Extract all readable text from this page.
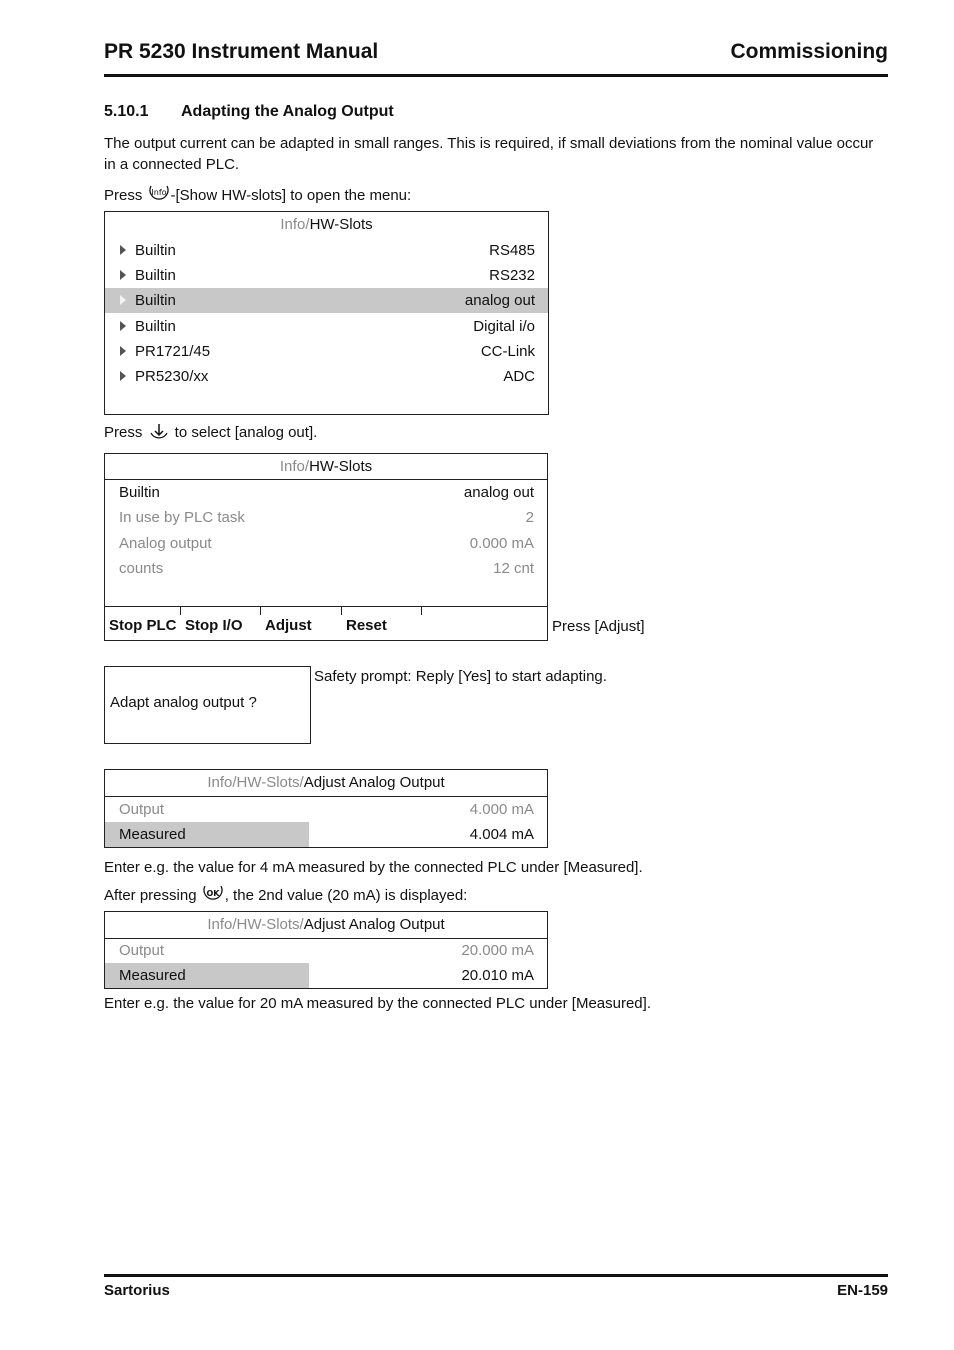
PR 5230 Instrument Manual	Commissioning
5.10.1 Adapting the Analog Output
The output current can be adapted in small ranges. This is required, if small deviations from the nominal value occur in a connected PLC.
Press Info -[Show HW-slots] to open the menu:
Info/HW-Slots
Builtin	RS485
Builtin	RS232
Builtin	analog out
Builtin	Digital i/o
PR1721/45	CC-Link
PR5230/xx	ADC
Press  to select [analog out].
Info/HW-Slots
Builtin	analog out
In use by PLC task	2
Analog output	0.000 mA
counts	12 cnt
Stop PLC Stop I/O Adjust Reset	Press [Adjust]
Adapt analog output ?
Safety prompt: Reply [Yes] to start adapting.
Info/HW-Slots/Adjust Analog Output
Output	4.000 mA
Measured	4.004 mA
Enter e.g. the value for 4 mA measured by the connected PLC under [Measured].
After pressing OK , the 2nd value (20 mA) is displayed:
Info/HW-Slots/Adjust Analog Output
Output	20.000 mA
Measured	20.010 mA
Enter e.g. the value for 20 mA measured by the connected PLC under [Measured].
Sartorius	EN-159
